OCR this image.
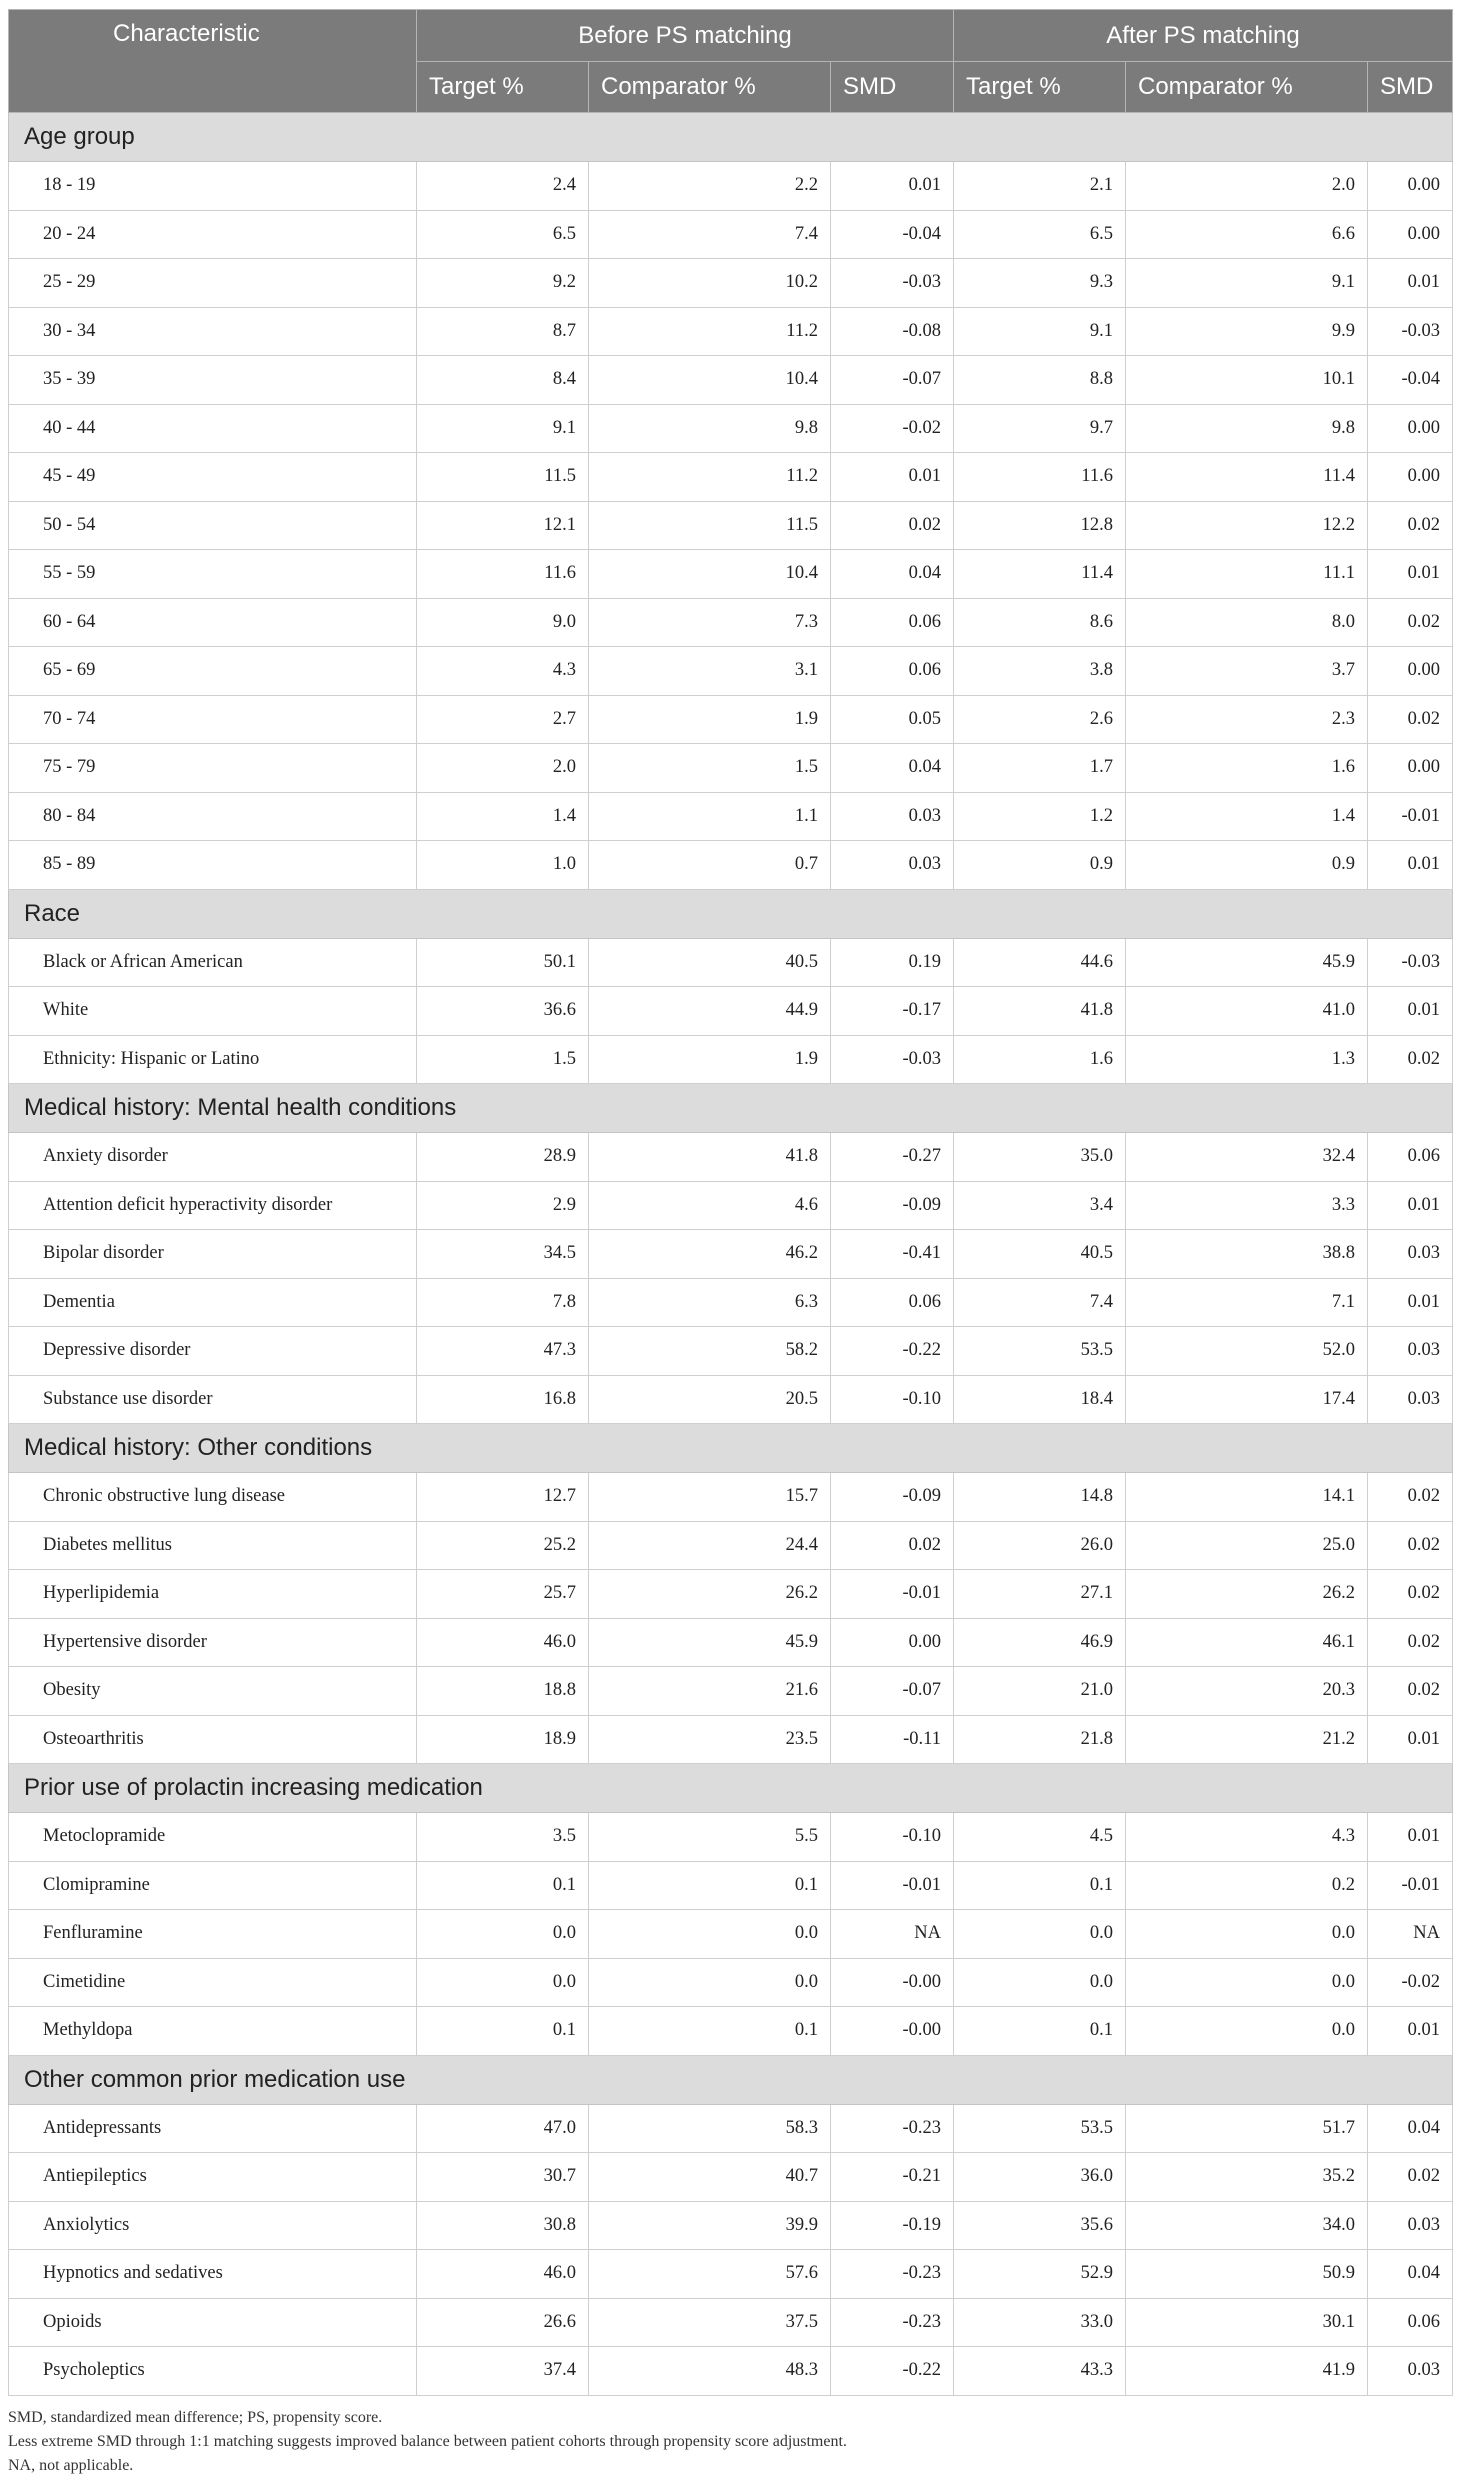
Characteristic	Before PS matching			After PS matching		
	Target %	Comparator %	SMD	Target %	Comparator %	SMD
Age group						
18 - 19	2.4	2.2	0.01	2.1	2.0	0.00
20 - 24	6.5	7.4	-0.04	6.5	6.6	0.00
25 - 29	9.2	10.2	-0.03	9.3	9.1	0.01
30 - 34	8.7	11.2	-0.08	9.1	9.9	-0.03
35 - 39	8.4	10.4	-0.07	8.8	10.1	-0.04
40 - 44	9.1	9.8	-0.02	9.7	9.8	0.00
45 - 49	11.5	11.2	0.01	11.6	11.4	0.00
50 - 54	12.1	11.5	0.02	12.8	12.2	0.02
55 - 59	11.6	10.4	0.04	11.4	11.1	0.01
60 - 64	9.0	7.3	0.06	8.6	8.0	0.02
65 - 69	4.3	3.1	0.06	3.8	3.7	0.00
70 - 74	2.7	1.9	0.05	2.6	2.3	0.02
75 - 79	2.0	1.5	0.04	1.7	1.6	0.00
80 - 84	1.4	1.1	0.03	1.2	1.4	-0.01
85 - 89	1.0	0.7	0.03	0.9	0.9	0.01
Race						
Black or African American	50.1	40.5	0.19	44.6	45.9	-0.03
White	36.6	44.9	-0.17	41.8	41.0	0.01
Ethnicity: Hispanic or Latino	1.5	1.9	-0.03	1.6	1.3	0.02
Medical history: Mental health conditions						
Anxiety disorder	28.9	41.8	-0.27	35.0	32.4	0.06
Attention deficit hyperactivity disorder	2.9	4.6	-0.09	3.4	3.3	0.01
Bipolar disorder	34.5	46.2	-0.41	40.5	38.8	0.03
Dementia	7.8	6.3	0.06	7.4	7.1	0.01
Depressive disorder	47.3	58.2	-0.22	53.5	52.0	0.03
Substance use disorder	16.8	20.5	-0.10	18.4	17.4	0.03
Medical history: Other conditions						
Chronic obstructive lung disease	12.7	15.7	-0.09	14.8	14.1	0.02
Diabetes mellitus	25.2	24.4	0.02	26.0	25.0	0.02
Hyperlipidemia	25.7	26.2	-0.01	27.1	26.2	0.02
Hypertensive disorder	46.0	45.9	0.00	46.9	46.1	0.02
Obesity	18.8	21.6	-0.07	21.0	20.3	0.02
Osteoarthritis	18.9	23.5	-0.11	21.8	21.2	0.01
Prior use of prolactin increasing medication						
Metoclopramide	3.5	5.5	-0.10	4.5	4.3	0.01
Clomipramine	0.1	0.1	-0.01	0.1	0.2	-0.01
Fenfluramine	0.0	0.0	NA	0.0	0.0	NA
Cimetidine	0.0	0.0	-0.00	0.0	0.0	-0.02
Methyldopa	0.1	0.1	-0.00	0.1	0.0	0.01
Other common prior medication use						
Antidepressants	47.0	58.3	-0.23	53.5	51.7	0.04
Antiepileptics	30.7	40.7	-0.21	36.0	35.2	0.02
Anxiolytics	30.8	39.9	-0.19	35.6	34.0	0.03
Hypnotics and sedatives	46.0	57.6	-0.23	52.9	50.9	0.04
Opioids	26.6	37.5	-0.23	33.0	30.1	0.06
Psycholeptics	37.4	48.3	-0.22	43.3	41.9	0.03
SMD, standardized mean difference; PS, propensity score.
Less extreme SMD through 1:1 matching suggests improved balance between patient cohorts through propensity score adjustment.
NA, not applicable.
